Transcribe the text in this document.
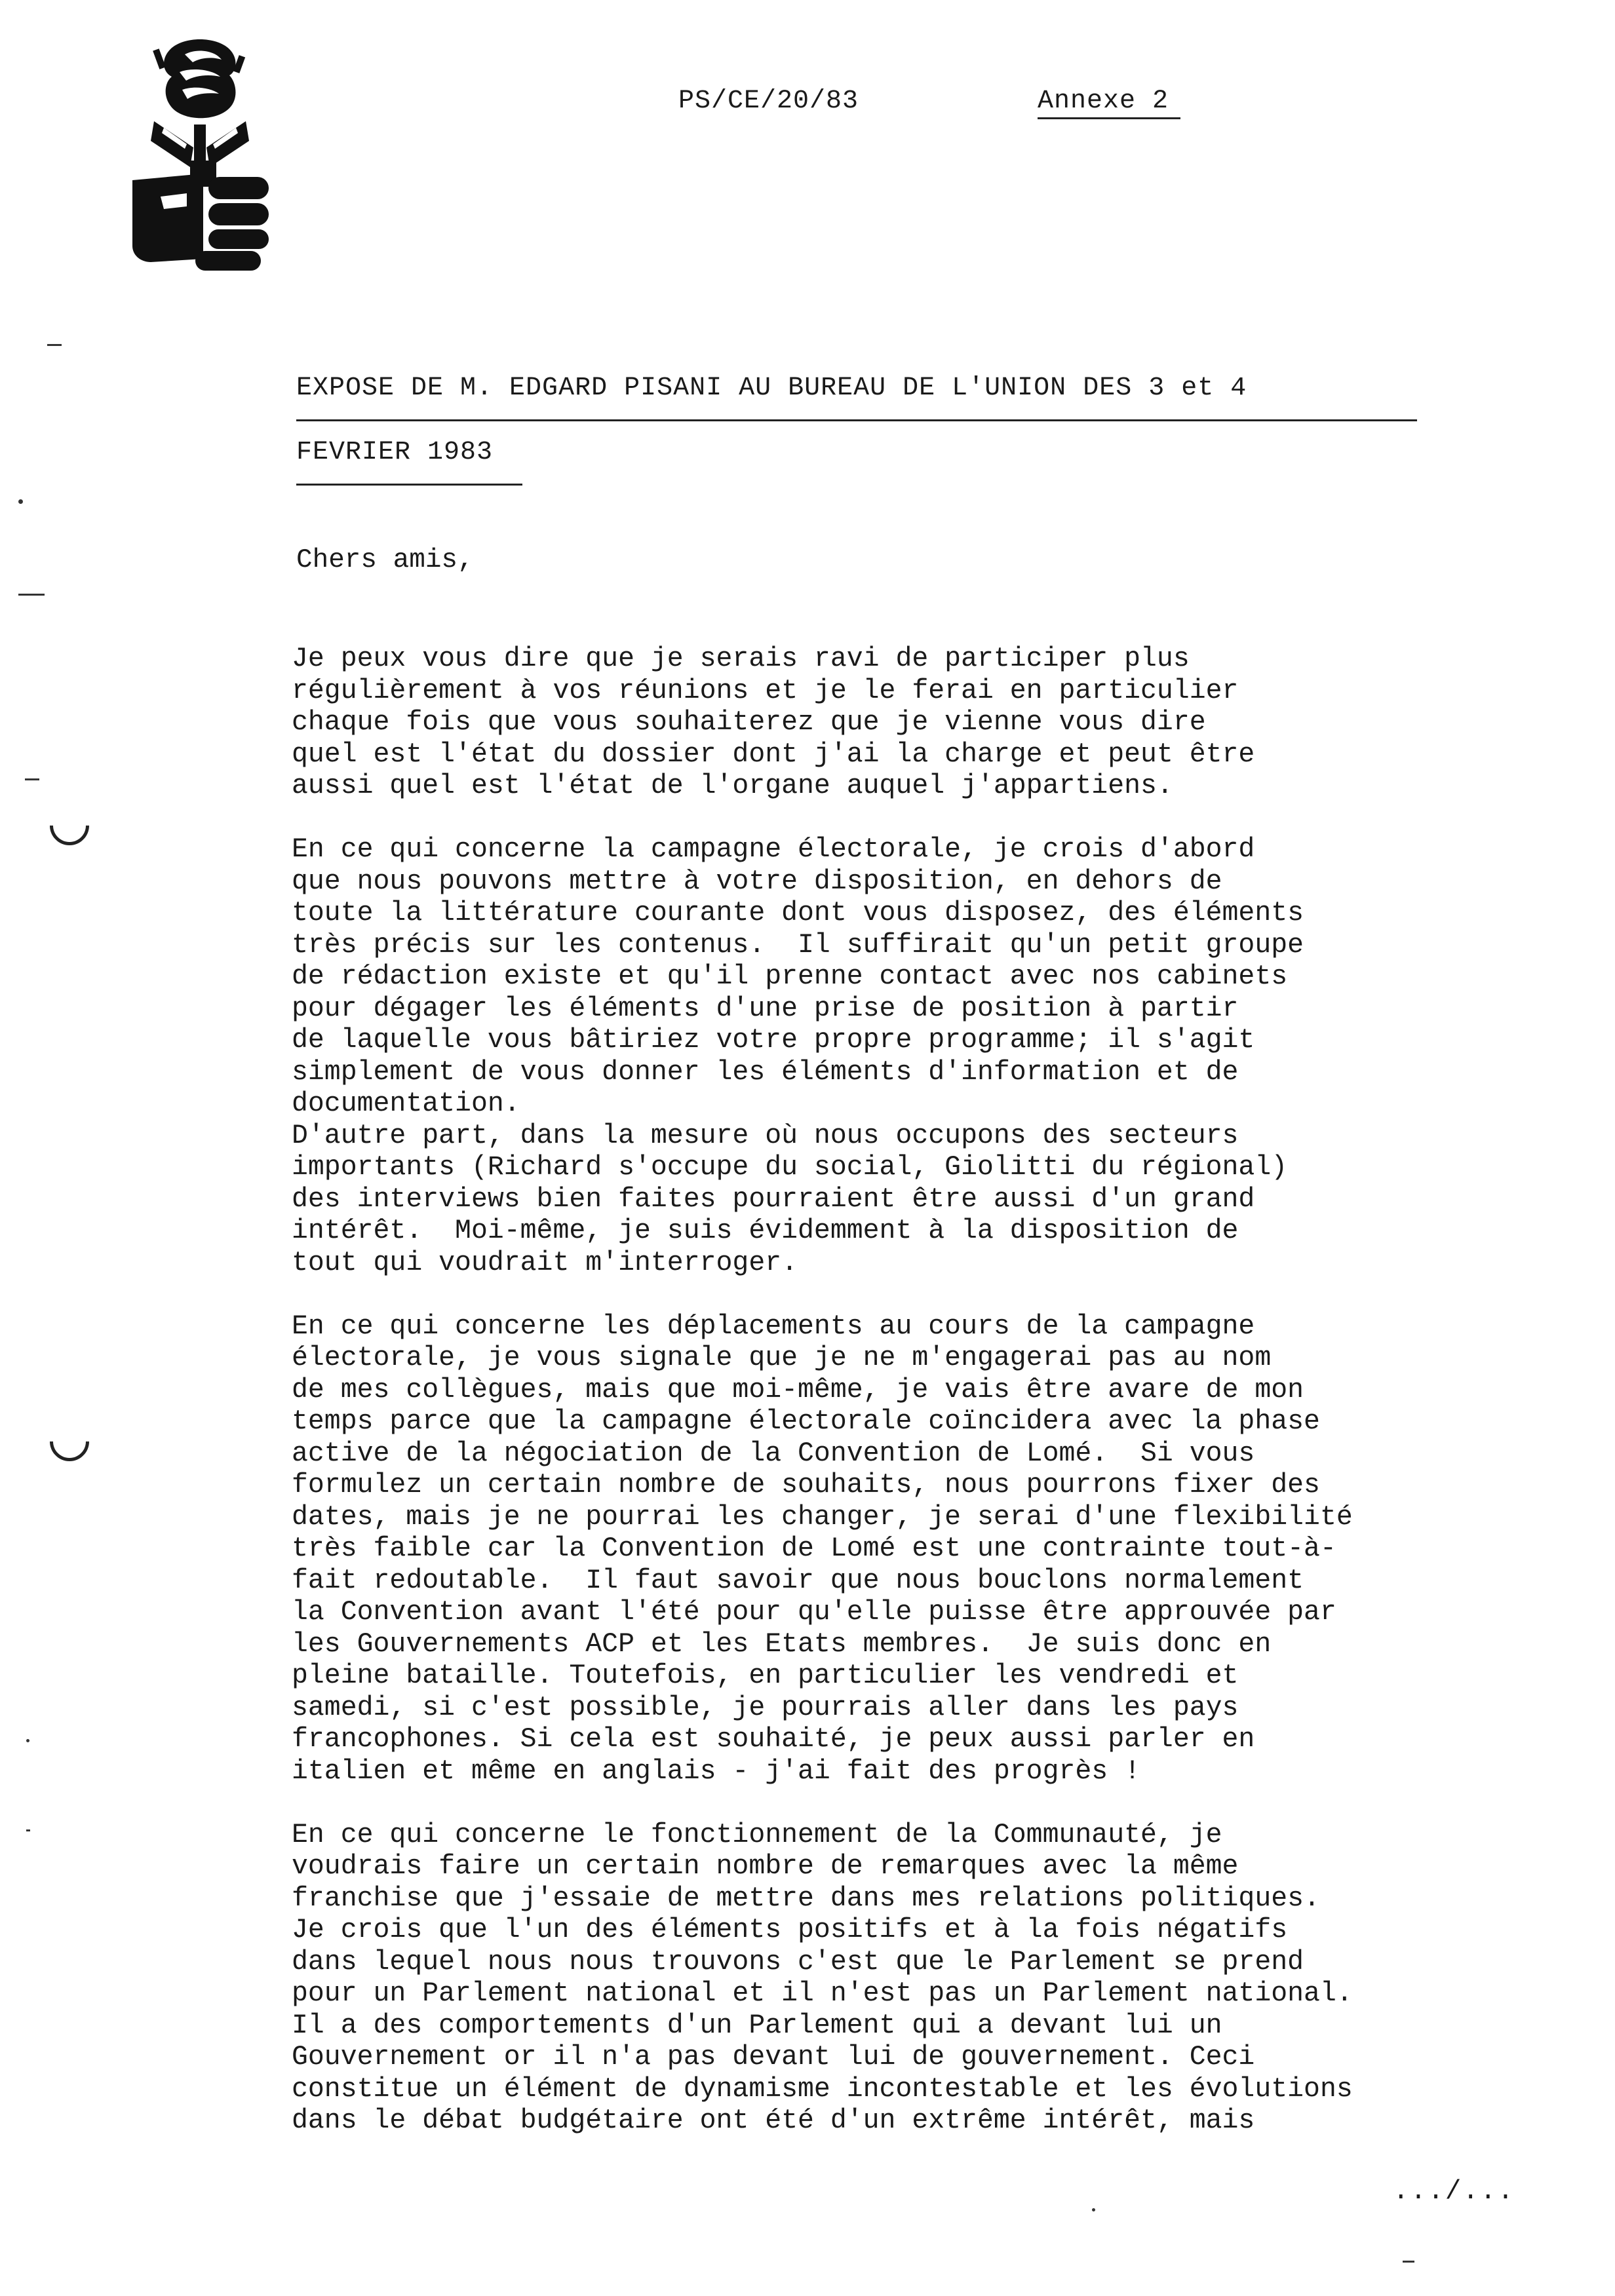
PS/CE/20/83	Annexe 2
EXPOSE DE M. EDGARD PISANI AU BUREAU DE L'UNION DES 3 et 4
FEVRIER 1983
Chers amis,
Je peux vous dire que je serais ravi de participer plus
régulièrement à vos réunions et je le ferai en particulier
chaque fois que vous souhaiterez que je vienne vous dire
quel est l'état du dossier dont j'ai la charge et peut être
aussi quel est l'état de l'organe auquel j'appartiens.
En ce qui concerne la campagne électorale, je crois d'abord
que nous pouvons mettre à votre disposition, en dehors de
toute la littérature courante dont vous disposez, des éléments
très précis sur les contenus.  Il suffirait qu'un petit groupe
de rédaction existe et qu'il prenne contact avec nos cabinets
pour dégager les éléments d'une prise de position à partir
de laquelle vous bâtiriez votre propre programme; il s'agit
simplement de vous donner les éléments d'information et de
documentation.
D'autre part, dans la mesure où nous occupons des secteurs
importants (Richard s'occupe du social, Giolitti du régional)
des interviews bien faites pourraient être aussi d'un grand
intérêt.  Moi-même, je suis évidemment à la disposition de
tout qui voudrait m'interroger.
En ce qui concerne les déplacements au cours de la campagne
électorale, je vous signale que je ne m'engagerai pas au nom
de mes collègues, mais que moi-même, je vais être avare de mon
temps parce que la campagne électorale coïncidera avec la phase
active de la négociation de la Convention de Lomé.  Si vous
formulez un certain nombre de souhaits, nous pourrons fixer des
dates, mais je ne pourrai les changer, je serai d'une flexibilité
très faible car la Convention de Lomé est une contrainte tout-à-
fait redoutable.  Il faut savoir que nous bouclons normalement
la Convention avant l'été pour qu'elle puisse être approuvée par
les Gouvernements ACP et les Etats membres.  Je suis donc en
pleine bataille. Toutefois, en particulier les vendredi et
samedi, si c'est possible, je pourrais aller dans les pays
francophones. Si cela est souhaité, je peux aussi parler en
italien et même en anglais - j'ai fait des progrès !
En ce qui concerne le fonctionnement de la Communauté, je
voudrais faire un certain nombre de remarques avec la même
franchise que j'essaie de mettre dans mes relations politiques.
Je crois que l'un des éléments positifs et à la fois négatifs
dans lequel nous nous trouvons c'est que le Parlement se prend
pour un Parlement national et il n'est pas un Parlement national.
Il a des comportements d'un Parlement qui a devant lui un
Gouvernement or il n'a pas devant lui de gouvernement. Ceci
constitue un élément de dynamisme incontestable et les évolutions
dans le débat budgétaire ont été d'un extrême intérêt, mais
.../...
